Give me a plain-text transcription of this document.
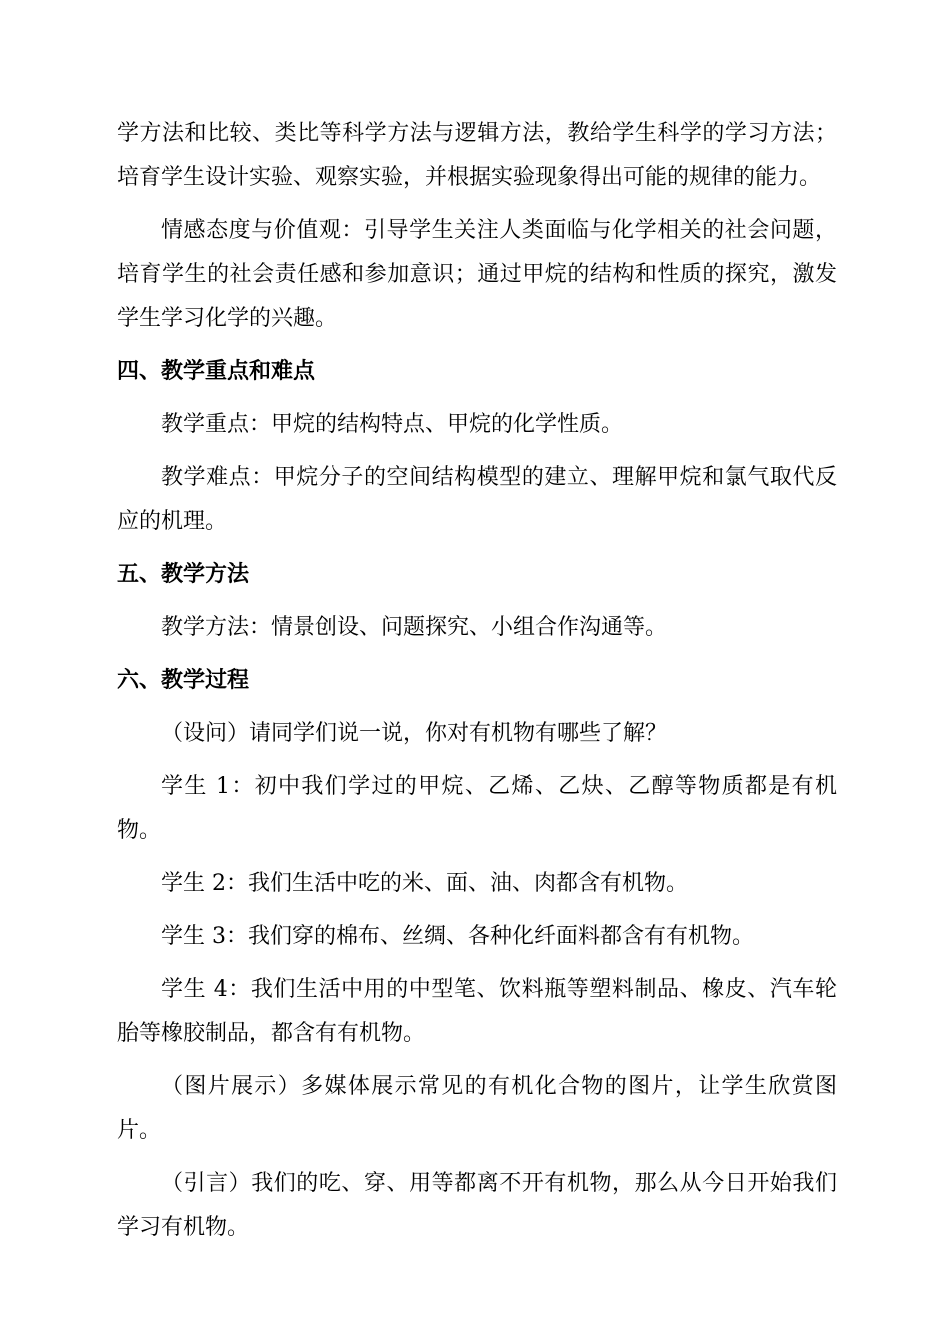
学方法和比较、类比等科学方法与逻辑方法，教给学生科学的学习方法；培育学生设计实验、观察实验，并根据实验现象得出可能的规律的能力。

情感态度与价值观：引导学生关注人类面临与化学相关的社会问题，培育学生的社会责任感和参加意识；通过甲烷的结构和性质的探究，激发学生学习化学的兴趣。

四、教学重点和难点

教学重点：甲烷的结构特点、甲烷的化学性质。

教学难点：甲烷分子的空间结构模型的建立、理解甲烷和氯气取代反应的机理。

五、教学方法

教学方法：情景创设、问题探究、小组合作沟通等。

六、教学过程

（设问）请同学们说一说，你对有机物有哪些了解？

学生 1：初中我们学过的甲烷、乙烯、乙炔、乙醇等物质都是有机物。

学生 2：我们生活中吃的米、面、油、肉都含有机物。

学生 3：我们穿的棉布、丝绸、各种化纤面料都含有有机物。

学生 4：我们生活中用的中型笔、饮料瓶等塑料制品、橡皮、汽车轮胎等橡胶制品，都含有有机物。

（图片展示）多媒体展示常见的有机化合物的图片，让学生欣赏图片。

（引言）我们的吃、穿、用等都离不开有机物，那么从今日开始我们学习有机物。
